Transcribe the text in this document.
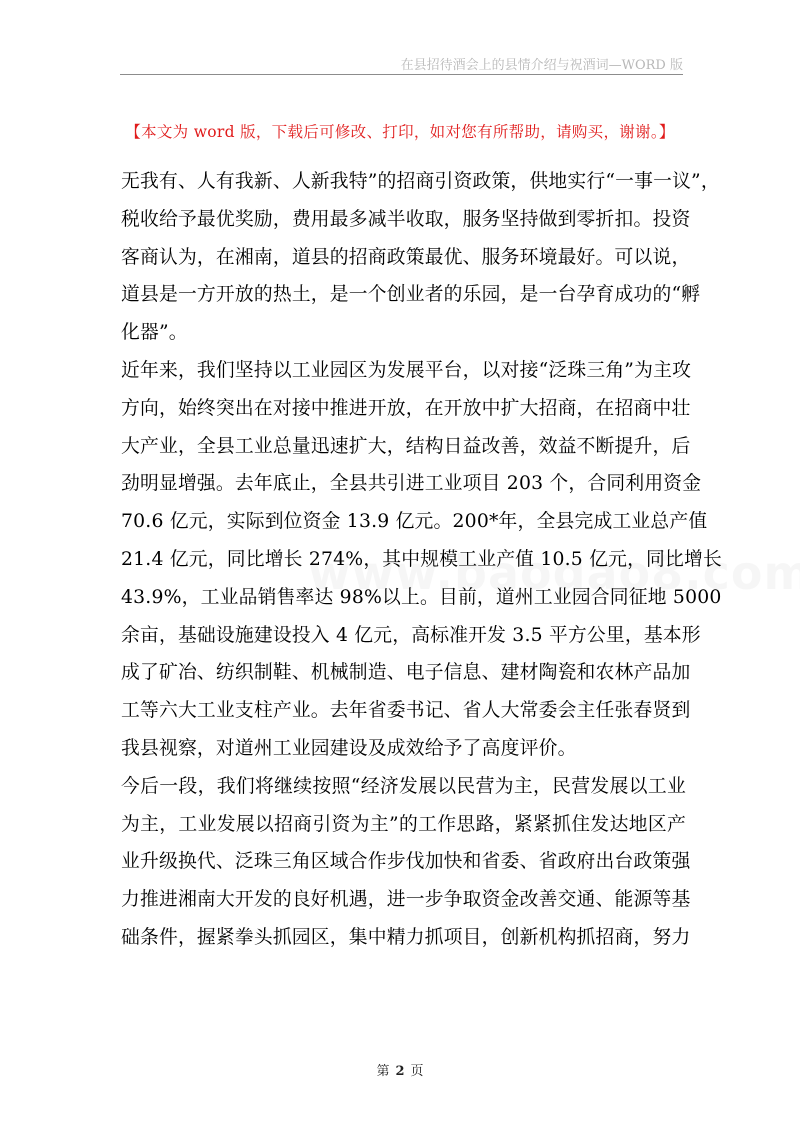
在县招待酒会上的县情介绍与祝酒词—WORD 版
【本文为 word 版，下载后可修改、打印，如对您有所帮助，请购买，谢谢。】
无我有、人有我新、人新我特”的招商引资政策，供地实行“一事一议”，
税收给予最优奖励，费用最多减半收取，服务坚持做到零折扣。投资
客商认为，在湘南，道县的招商政策最优、服务环境最好。可以说，
道县是一方开放的热土，是一个创业者的乐园，是一台孕育成功的“孵
化器”。
近年来，我们坚持以工业园区为发展平台，以对接“泛珠三角”为主攻
方向，始终突出在对接中推进开放，在开放中扩大招商，在招商中壮
大产业，全县工业总量迅速扩大，结构日益改善，效益不断提升，后
劲明显增强。去年底止，全县共引进工业项目 203 个，合同利用资金
70.6 亿元，实际到位资金 13.9 亿元。200*年，全县完成工业总产值
21.4 亿元，同比增长 274%，其中规模工业产值 10.5 亿元，同比增长
43.9%，工业品销售率达 98%以上。目前，道州工业园合同征地 5000
余亩，基础设施建设投入 4 亿元，高标准开发 3.5 平方公里，基本形
成了矿冶、纺织制鞋、机械制造、电子信息、建材陶瓷和农林产品加
工等六大工业支柱产业。去年省委书记、省人大常委会主任张春贤到
我县视察，对道州工业园建设及成效给予了高度评价。
今后一段，我们将继续按照“经济发展以民营为主，民营发展以工业
为主，工业发展以招商引资为主”的工作思路，紧紧抓住发达地区产
业升级换代、泛珠三角区域合作步伐加快和省委、省政府出台政策强
力推进湘南大开发的良好机遇，进一步争取资金改善交通、能源等基
础条件，握紧拳头抓园区，集中精力抓项目，创新机构抓招商，努力
第 2 页
